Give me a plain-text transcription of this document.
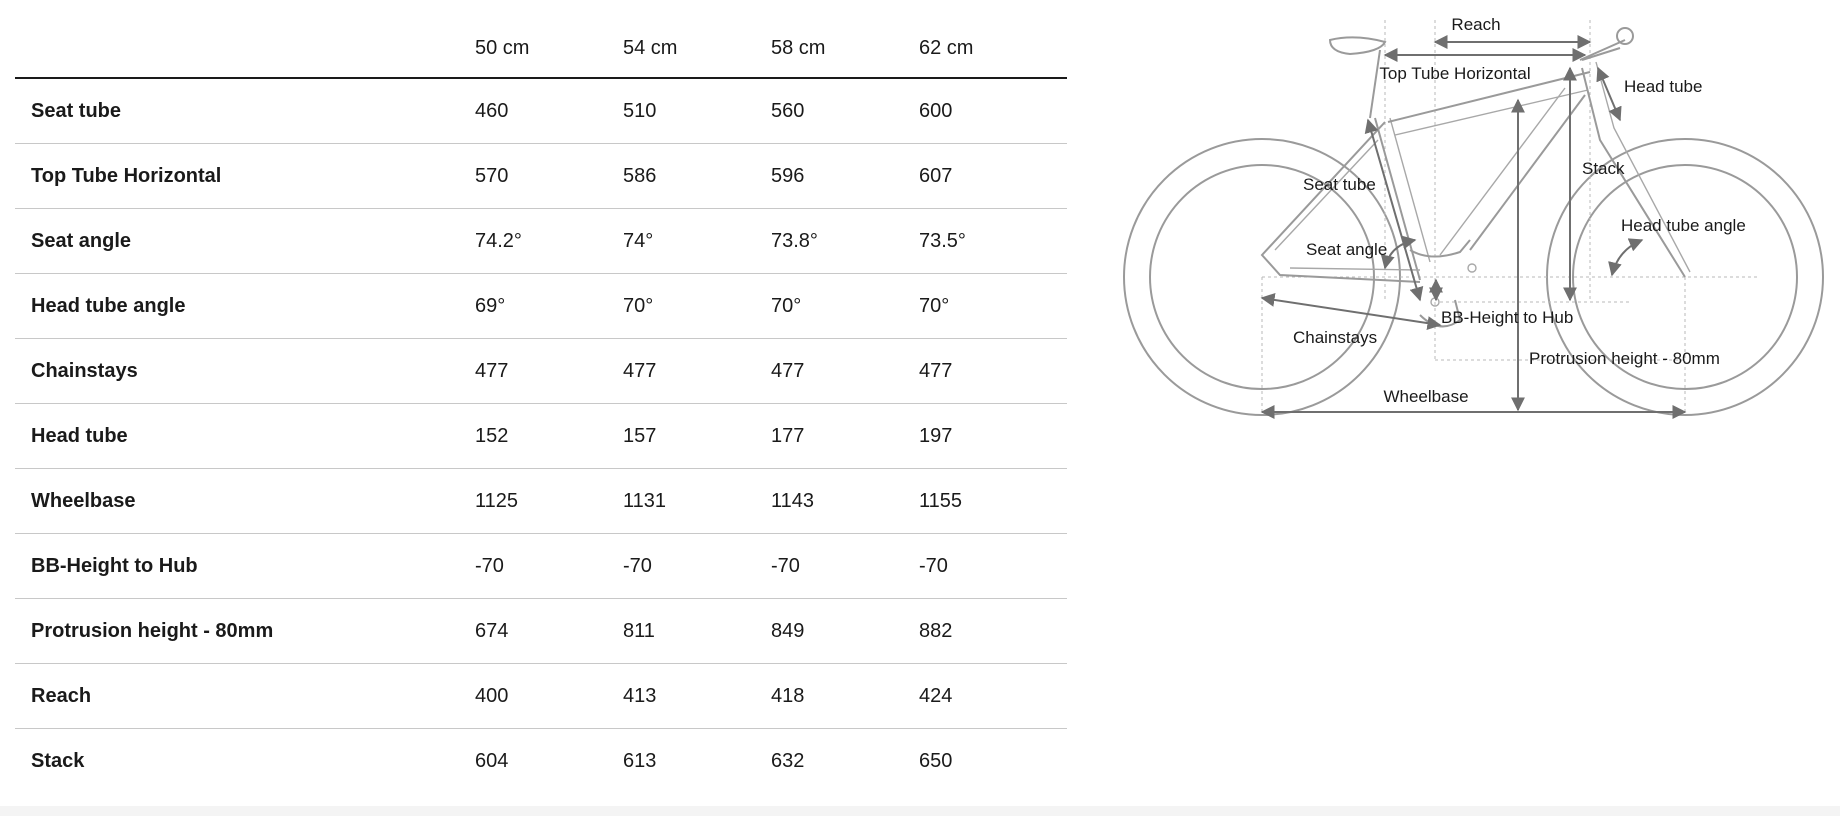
	50 cm	54 cm	58 cm	62 cm
Seat tube	460	510	560	600
Top Tube Horizontal	570	586	596	607
Seat angle	74.2°	74°	73.8°	73.5°
Head tube angle	69°	70°	70°	70°
Chainstays	477	477	477	477
Head tube	152	157	177	197
Wheelbase	1125	1131	1143	1155
BB-Height to Hub	-70	-70	-70	-70
Protrusion height - 80mm	674	811	849	882
Reach	400	413	418	424
Stack	604	613	632	650
Reach
Top Tube Horizontal
Head tube
Stack
Seat tube
Head tube angle
Seat angle
BB-Height to Hub
Chainstays
Protrusion height - 80mm
Wheelbase
